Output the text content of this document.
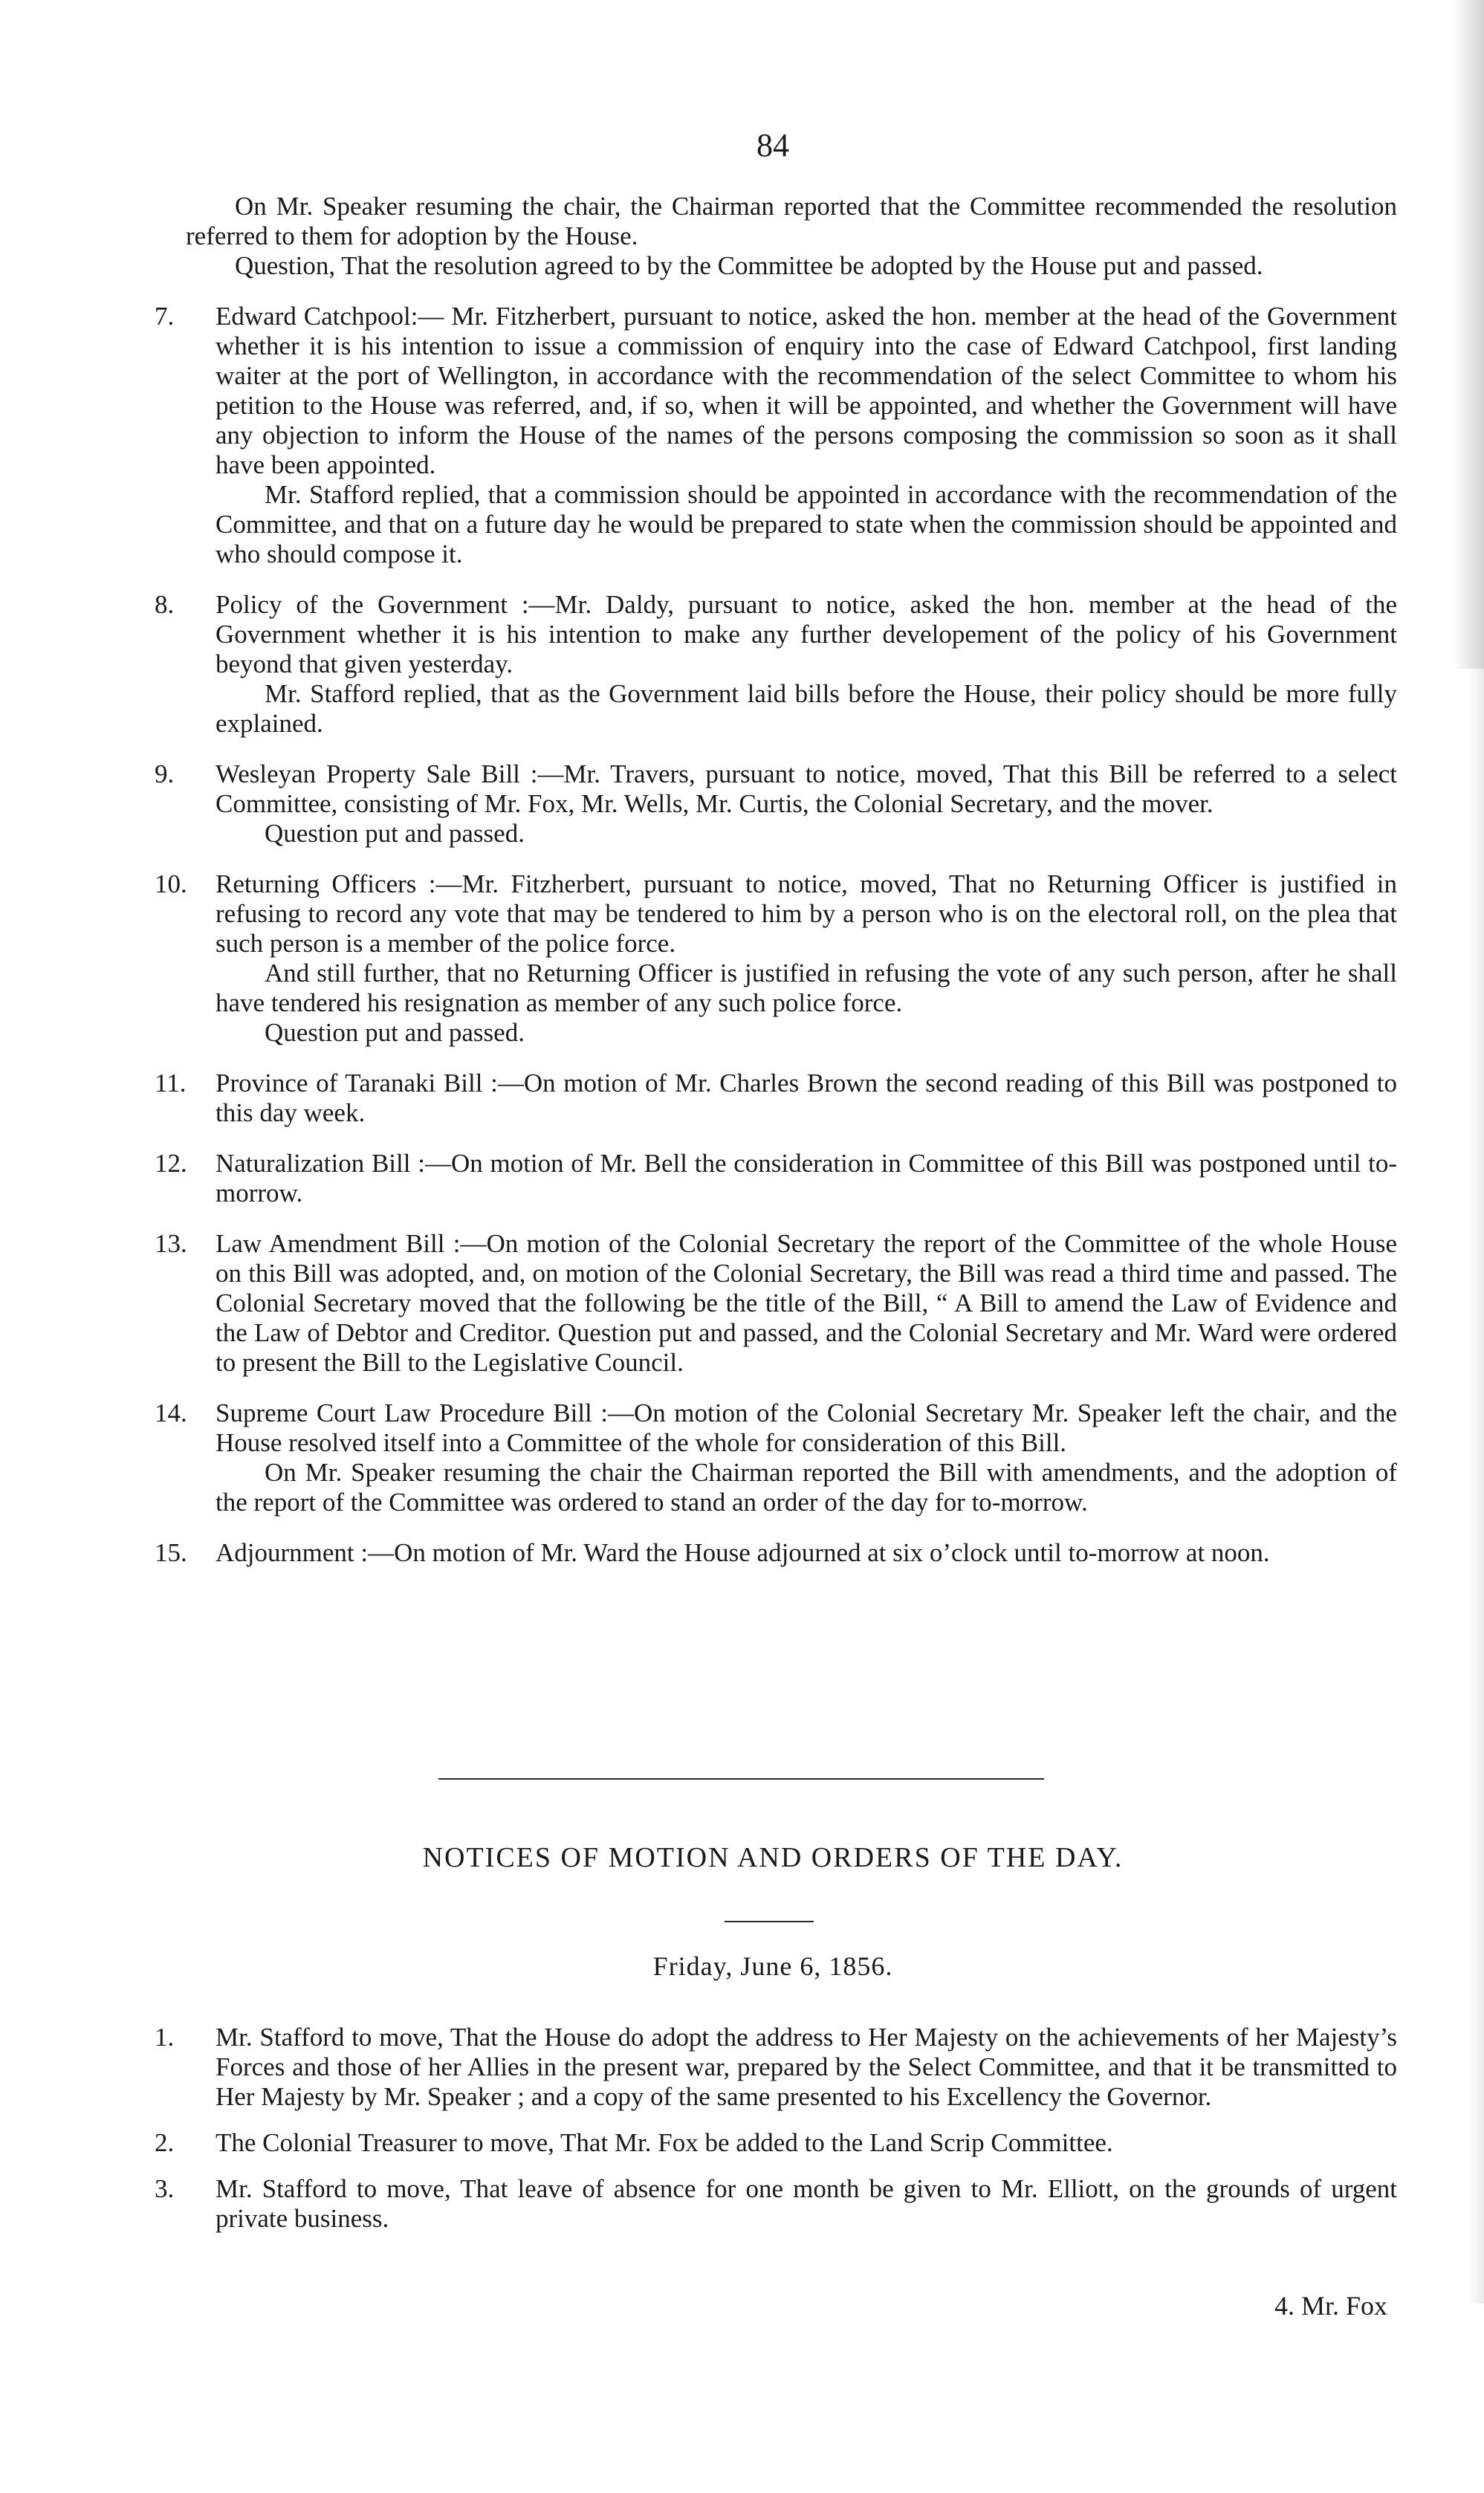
84

On Mr. Speaker resuming the chair, the Chairman reported that the Committee recommended the resolution referred to them for adoption by the House.

Question, That the resolution agreed to by the Committee be adopted by the House put and passed.

7.	Edward Catchpool:— Mr. Fitzherbert, pursuant to notice, asked the hon. member at the head of the Government whether it is his intention to issue a commission of enquiry into the case of Edward Catchpool, first landing waiter at the port of Wellington, in accordance with the recommendation of the select Committee to whom his petition to the House was referred, and, if so, when it will be appointed, and whether the Government will have any objection to inform the House of the names of the persons composing the commission so soon as it shall have been appointed.

Mr. Stafford replied, that a commission should be appointed in accordance with the recommendation of the Committee, and that on a future day he would be prepared to state when the commission should be appointed and who should compose it.

8.	Policy of the Government :—Mr. Daldy, pursuant to notice, asked the hon. member at the head of the Government whether it is his intention to make any further developement of the policy of his Government beyond that given yesterday.

Mr. Stafford replied, that as the Government laid bills before the House, their policy should be more fully explained.

9.	Wesleyan Property Sale Bill :—Mr. Travers, pursuant to notice, moved, That this Bill be referred to a select Committee, consisting of Mr. Fox, Mr. Wells, Mr. Curtis, the Colonial Secretary, and the mover.

Question put and passed.

10.	Returning Officers :—Mr. Fitzherbert, pursuant to notice, moved, That no Returning Officer is justified in refusing to record any vote that may be tendered to him by a person who is on the electoral roll, on the plea that such person is a member of the police force.

And still further, that no Returning Officer is justified in refusing the vote of any such person, after he shall have tendered his resignation as member of any such police force.

Question put and passed.

11.	Province of Taranaki Bill :—On motion of Mr. Charles Brown the second reading of this Bill was postponed to this day week.

12.	Naturalization Bill :—On motion of Mr. Bell the consideration in Committee of this Bill was postponed until to-morrow.

13.	Law Amendment Bill :—On motion of the Colonial Secretary the report of the Committee of the whole House on this Bill was adopted, and, on motion of the Colonial Secretary, the Bill was read a third time and passed. The Colonial Secretary moved that the following be the title of the Bill, “ A Bill to amend the Law of Evidence and the Law of Debtor and Creditor. Question put and passed, and the Colonial Secretary and Mr. Ward were ordered to present the Bill to the Legislative Council.

14.	Supreme Court Law Procedure Bill :—On motion of the Colonial Secretary Mr. Speaker left the chair, and the House resolved itself into a Committee of the whole for consideration of this Bill.

On Mr. Speaker resuming the chair the Chairman reported the Bill with amendments, and the adoption of the report of the Committee was ordered to stand an order of the day for to-morrow.

15.	Adjournment :—On motion of Mr. Ward the House adjourned at six o’clock until to-morrow at noon.

NOTICES OF MOTION AND ORDERS OF THE DAY.
Friday, June 6, 1856.
1.	Mr. Stafford to move, That the House do adopt the address to Her Majesty on the achievements of her Majesty’s Forces and those of her Allies in the present war, prepared by the Select Committee, and that it be transmitted to Her Majesty by Mr. Speaker ; and a copy of the same presented to his Excellency the Governor.

2.	The Colonial Treasurer to move, That Mr. Fox be added to the Land Scrip Committee.

3.	Mr. Stafford to move, That leave of absence for one month be given to Mr. Elliott, on the grounds of urgent private business.

4. Mr. Fox
